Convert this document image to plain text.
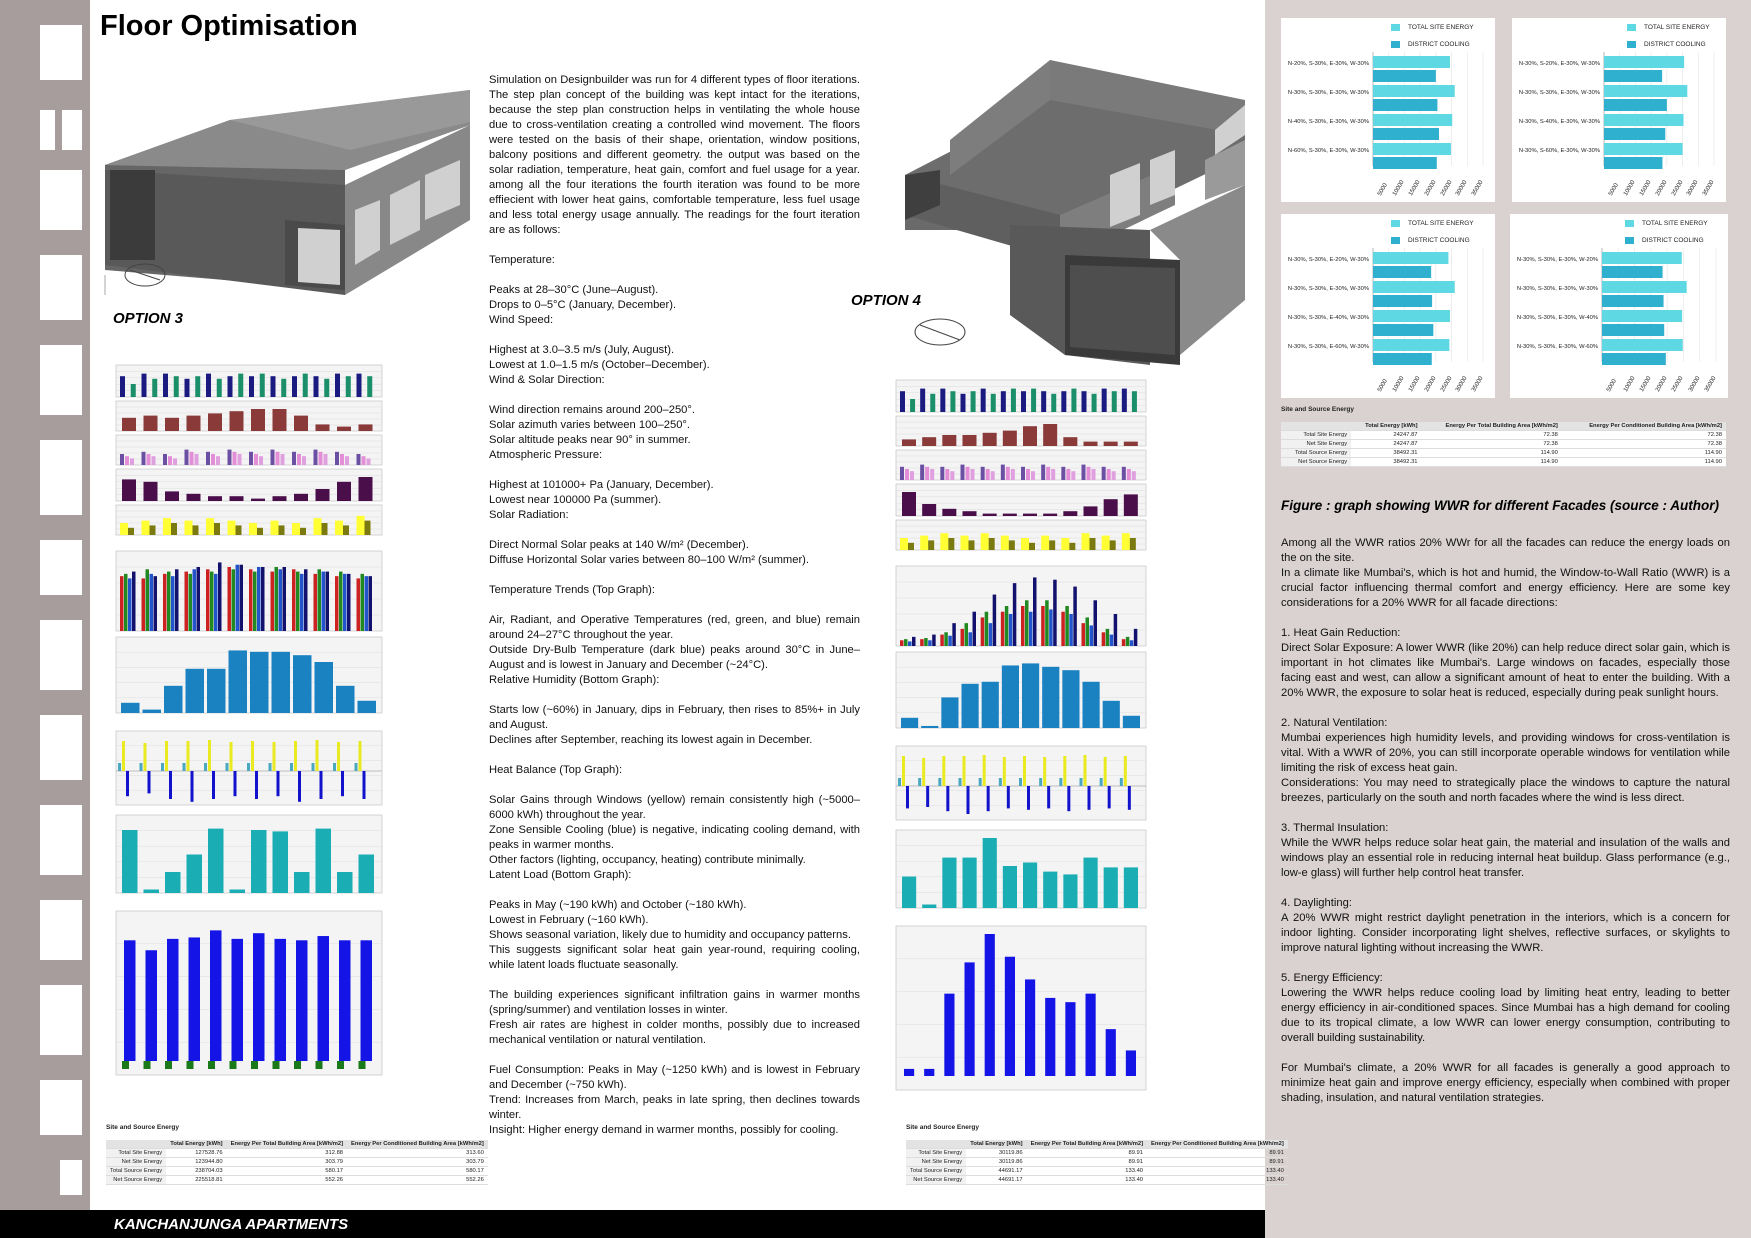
Floor Optimisation
OPTION 3
OPTION 4

Simulation on Designbuilder was run for 4 different types of floor iterations. The step plan concept of the building was kept intact for the iterations, because the step plan construction helps in ventilating the whole house due to cross-ventilation creating a controlled wind movement. The floors were tested on the basis of their shape, orientation, window positions, balcony positions and different geometry. the output was based on the solar radiation, temperature, heat gain, comfort and fuel usage for a year. among all the four iterations the fourth iteration was found to be more effiecient with lower heat gains, comfortable temperature, less fuel usage and less total energy usage annually. The readings for the fourt iteration are as follows:

Temperature:

Peaks at 28–30°C (June–August).
Drops to 0–5°C (January, December).
Wind Speed:

Highest at 3.0–3.5 m/s (July, August).
Lowest at 1.0–1.5 m/s (October–December).
Wind & Solar Direction:

Wind direction remains around 200–250°.
Solar azimuth varies between 100–250°.
Solar altitude peaks near 90° in summer.
Atmospheric Pressure:

Highest at 101000+ Pa (January, December).
Lowest near 100000 Pa (summer).
Solar Radiation:

Direct Normal Solar peaks at 140 W/m² (December).
Diffuse Horizontal Solar varies between 80–100 W/m² (summer).

Temperature Trends (Top Graph):

Air, Radiant, and Operative Temperatures (red, green, and blue) remain around 24–27°C throughout the year.
Outside Dry-Bulb Temperature (dark blue) peaks around 30°C in June–August and is lowest in January and December (~24°C).
Relative Humidity (Bottom Graph):

Starts low (~60%) in January, dips in February, then rises to 85%+ in July and August.
Declines after September, reaching its lowest again in December.

Heat Balance (Top Graph):

Solar Gains through Windows (yellow) remain consistently high (~5000–6000 kWh) throughout the year.
Zone Sensible Cooling (blue) is negative, indicating cooling demand, with peaks in warmer months.
Other factors (lighting, occupancy, heating) contribute minimally.
Latent Load (Bottom Graph):

Peaks in May (~190 kWh) and October (~180 kWh).
Lowest in February (~160 kWh).
Shows seasonal variation, likely due to humidity and occupancy patterns.
This suggests significant solar heat gain year-round, requiring cooling, while latent loads fluctuate seasonally.

The building experiences significant infiltration gains in warmer months (spring/summer) and ventilation losses in winter.
Fresh air rates are highest in colder months, possibly due to increased mechanical ventilation or natural ventilation.

Fuel Consumption: Peaks in May (~1250 kWh) and is lowest in February and December (~750 kWh).
Trend: Increases from March, peaks in late spring, then declines towards winter.
Insight: Higher energy demand in warmer months, possibly for cooling.

TOTAL SITE ENERGY
DISTRICT COOLING
N-20%, S-30%, E-30%, W-30%
N-30%, S-30%, E-30%, W-30%
N-40%, S-30%, E-30%, W-30%
N-60%, S-30%, E-30%, W-30%
5000 10000 15000 20000 25000 30000 35000
TOTAL SITE ENERGY
DISTRICT COOLING
N-30%, S-20%, E-30%, W-30%
N-30%, S-30%, E-30%, W-30%
N-30%, S-40%, E-30%, W-30%
N-30%, S-60%, E-30%, W-30%
5000 10000 15000 20000 25000 30000 35000
TOTAL SITE ENERGY
DISTRICT COOLING
N-30%, S-30%, E-20%, W-30%
N-30%, S-30%, E-30%, W-30%
N-30%, S-30%, E-40%, W-30%
N-30%, S-30%, E-60%, W-30%
5000 10000 15000 20000 25000 30000 35000
TOTAL SITE ENERGY
DISTRICT COOLING
N-30%, S-30%, E-30%, W-20%
N-30%, S-30%, E-30%, W-30%
N-30%, S-30%, E-30%, W-40%
N-30%, S-30%, E-30%, W-60%
5000 10000 15000 20000 25000 30000 35000
Site and Source Energy
	Total Energy [kWh]	Energy Per Total Building Area [kWh/m2]	Energy Per Conditioned Building Area [kWh/m2]
Total Site Energy	24247.87	72.38	72.38
Net Site Energy	24247.87	72.38	72.38
Total Source Energy	38492.31	114.90	114.90
Net Source Energy	38492.31	114.90	114.90
Site and Source Energy
	Total Energy [kWh]	Energy Per Total Building Area [kWh/m2]	Energy Per Conditioned Building Area [kWh/m2]
Total Site Energy	127528.76	312.88	313.60
Net Site Energy	123944.80	303.79	303.79
Total Source Energy	238704.03	580.17	580.17
Net Source Energy	225518.81	552.26	552.26
Site and Source Energy
	Total Energy [kWh]	Energy Per Total Building Area [kWh/m2]	Energy Per Conditioned Building Area [kWh/m2]
Total Site Energy	30119.86	89.91	89.91
Net Site Energy	30119.86	89.91	89.91
Total Source Energy	44691.17	133.40	133.40
Net Source Energy	44691.17	133.40	133.40
Figure : graph showing WWR for different Facades (source : Author)

Among all the WWR ratios 20% WWr for all the facades can reduce the energy loads on the on the site.
In a climate like Mumbai's, which is hot and humid, the Window-to-Wall Ratio (WWR) is a crucial factor influencing thermal comfort and energy efficiency. Here are some key considerations for a 20% WWR for all facade directions:

1. Heat Gain Reduction:
Direct Solar Exposure: A lower WWR (like 20%) can help reduce direct solar gain, which is important in hot climates like Mumbai's. Large windows on facades, especially those facing east and west, can allow a significant amount of heat to enter the building. With a 20% WWR, the exposure to solar heat is reduced, especially during peak sunlight hours.

2. Natural Ventilation:
Mumbai experiences high humidity levels, and providing windows for cross-ventilation is vital. With a WWR of 20%, you can still incorporate operable windows for ventilation while limiting the risk of excess heat gain.
Considerations: You may need to strategically place the windows to capture the natural breezes, particularly on the south and north facades where the wind is less direct.

3. Thermal Insulation:
While the WWR helps reduce solar heat gain, the material and insulation of the walls and windows play an essential role in reducing internal heat buildup. Glass performance (e.g., low-e glass) will further help control heat transfer.

4. Daylighting:
A 20% WWR might restrict daylight penetration in the interiors, which is a concern for indoor lighting. Consider incorporating light shelves, reflective surfaces, or skylights to improve natural lighting without increasing the WWR.

5. Energy Efficiency:
Lowering the WWR helps reduce cooling load by limiting heat entry, leading to better energy efficiency in air-conditioned spaces. Since Mumbai has a high demand for cooling due to its tropical climate, a low WWR can lower energy consumption, contributing to overall building sustainability.

For Mumbai's climate, a 20% WWR for all facades is generally a good approach to minimize heat gain and improve energy efficiency, especially when combined with proper shading, insulation, and natural ventilation strategies.

KANCHANJUNGA APARTMENTS
